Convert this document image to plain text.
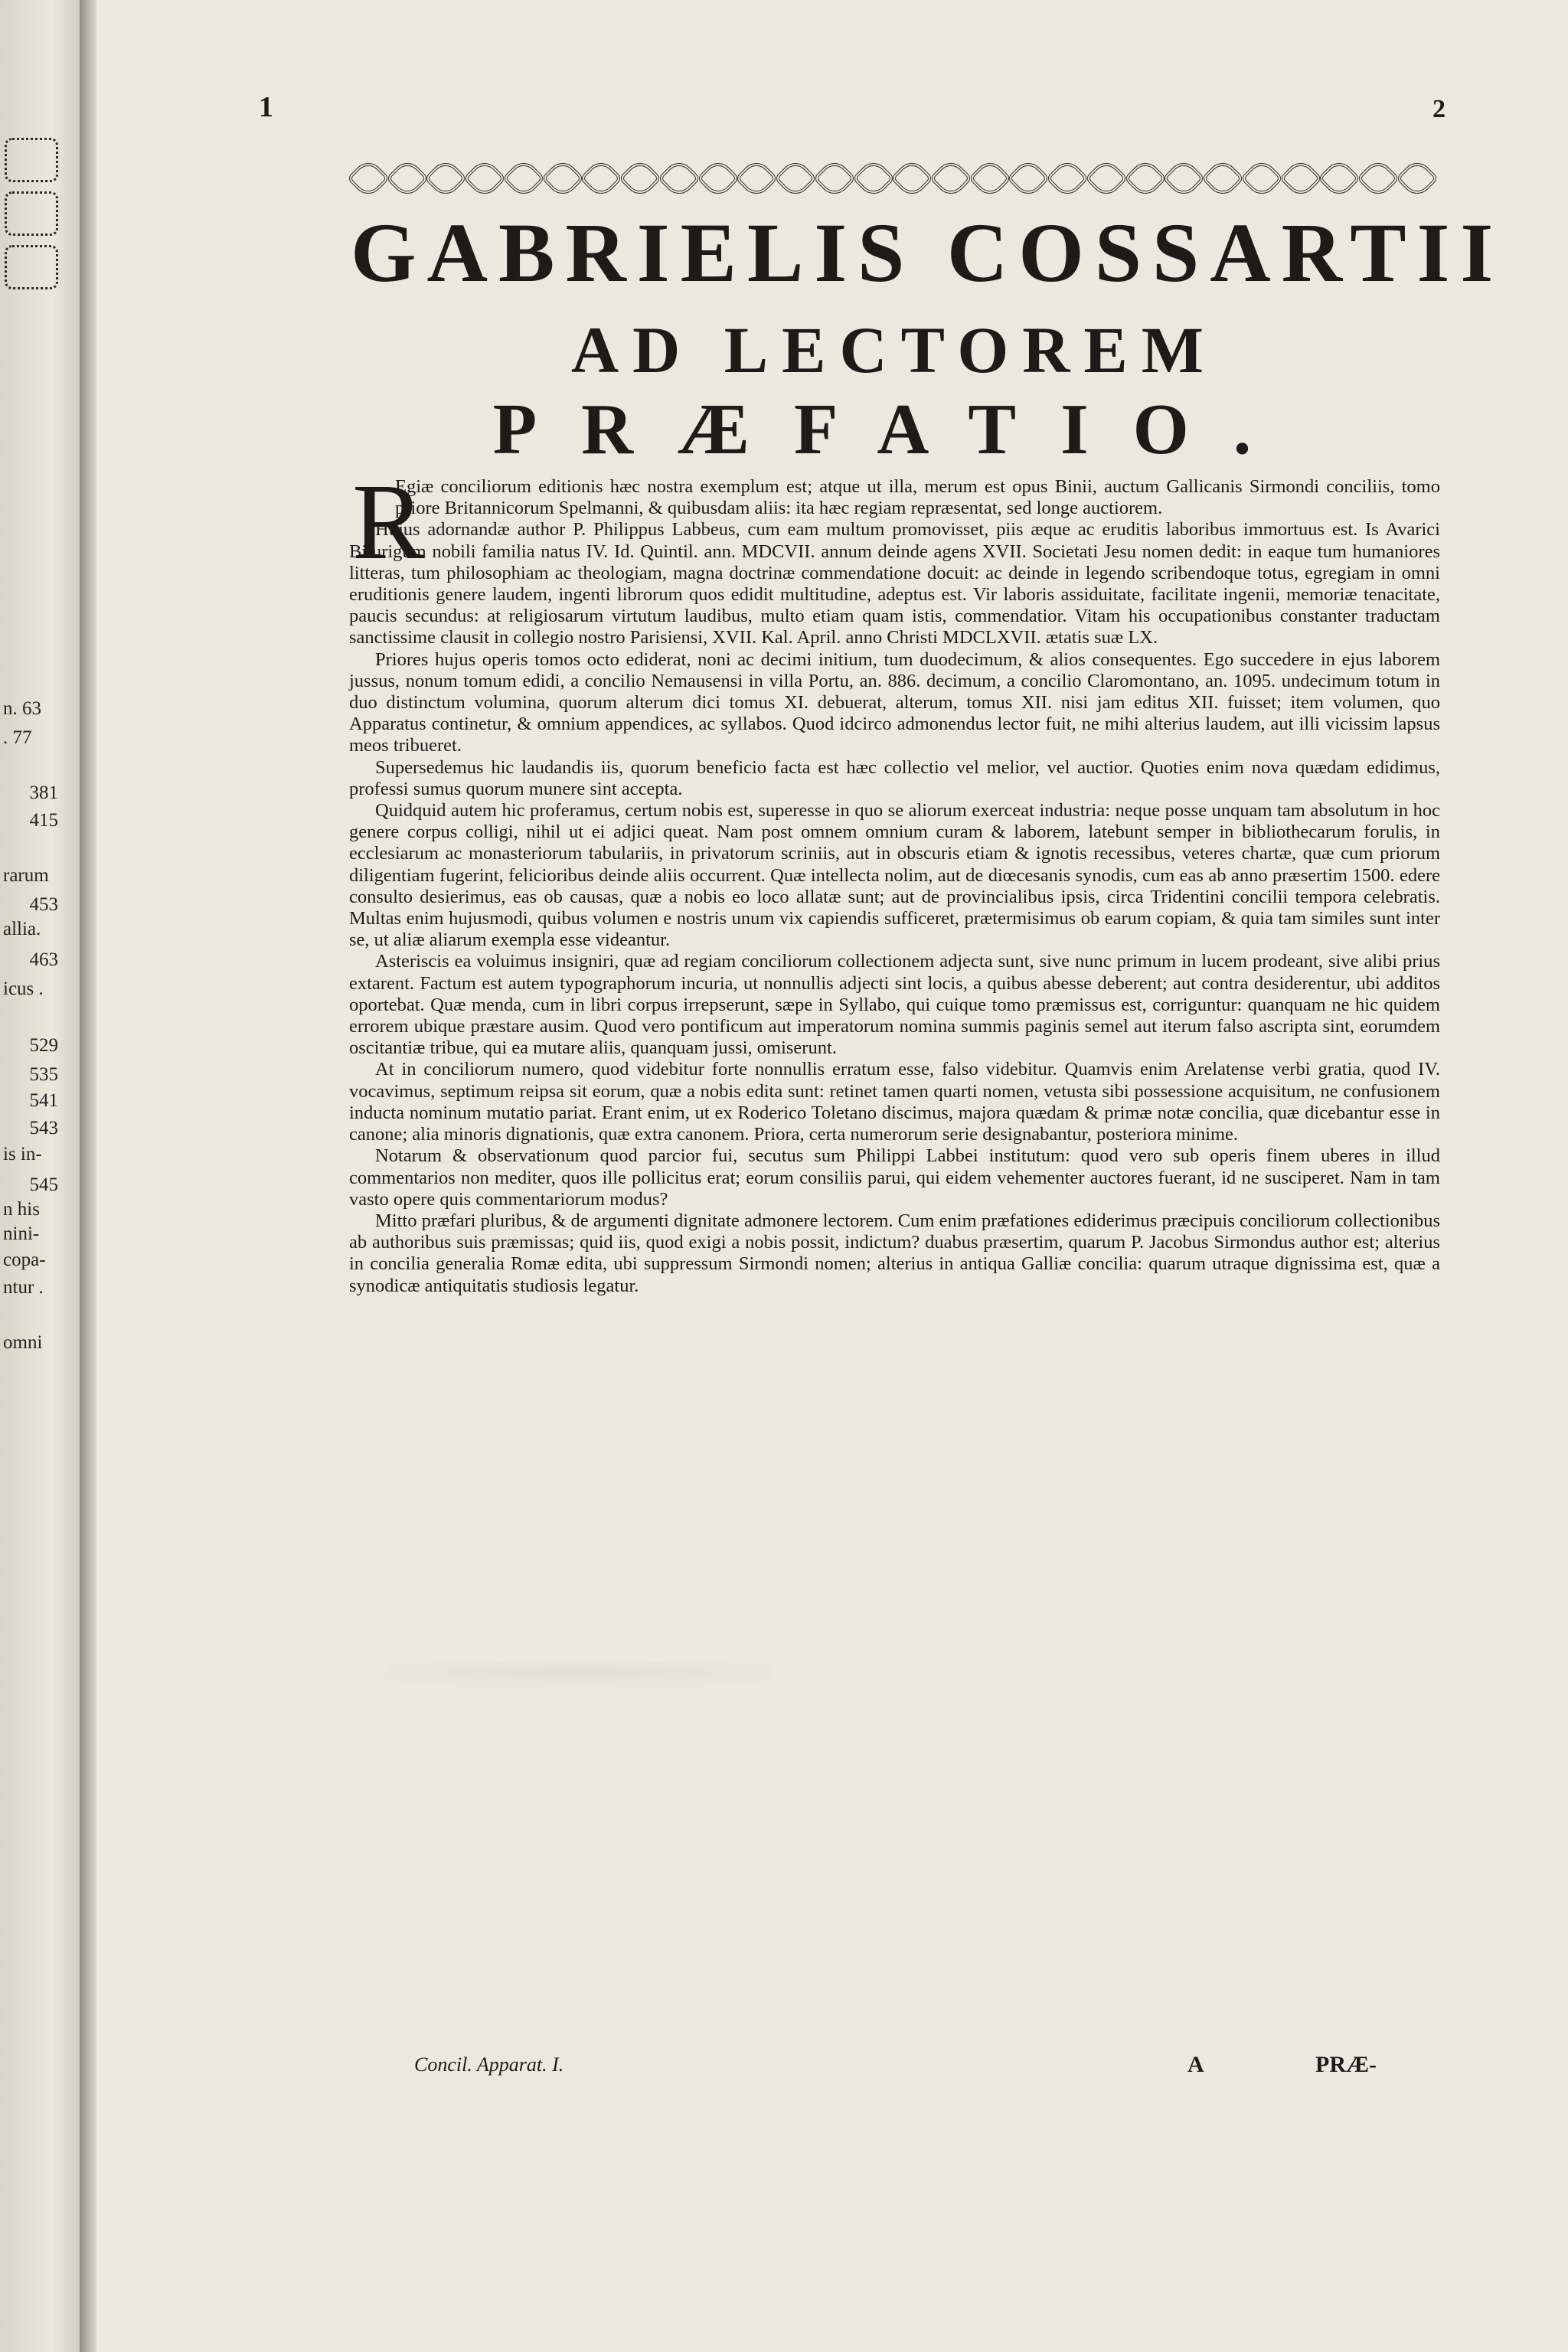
n. 63
. 77
381
415
rarum
453
allia.
463
icus .
529
535
541
543
is in-
545
n his
nini-
copa-
ntur .
omni
1	2
GABRIELIS COSSARTII
AD LECTOREM
PRÆFATIO.
R

Egiæ conciliorum editionis hæc nostra exemplum est; atque ut illa, merum est opus Binii, auctum Gallicanis Sirmondi conciliis, tomo priore Britannicorum Spelmanni, & quibusdam aliis: ita hæc regiam repræsentat, sed longe auctiorem.

Hujus adornandæ author P. Philippus Labbeus, cum eam multum promovisset, piis æque ac eruditis laboribus immortuus est. Is Avarici Biturigum nobili familia natus IV. Id. Quintil. ann. MDCVII. annum deinde agens XVII. Societati Jesu nomen dedit: in eaque tum humaniores litteras, tum philosophiam ac theologiam, magna doctrinæ commendatione docuit: ac deinde in legendo scribendoque totus, egregiam in omni eruditionis genere laudem, ingenti librorum quos edidit multitudine, adeptus est. Vir laboris assiduitate, facilitate ingenii, memoriæ tenacitate, paucis secundus: at religiosarum virtutum laudibus, multo etiam quam istis, commendatior. Vitam his occupationibus constanter traductam sanctissime clausit in collegio nostro Parisiensi, XVII. Kal. April. anno Christi MDCLXVII. ætatis suæ LX.

Priores hujus operis tomos octo ediderat, noni ac decimi initium, tum duodecimum, & alios consequentes. Ego succedere in ejus laborem jussus, nonum tomum edidi, a concilio Nemausensi in villa Portu, an. 886. decimum, a concilio Claromontano, an. 1095. undecimum totum in duo distinctum volumina, quorum alterum dici tomus XI. debuerat, alterum, tomus XII. nisi jam editus XII. fuisset; item volumen, quo Apparatus continetur, & omnium appendices, ac syllabos. Quod idcirco admonendus lector fuit, ne mihi alterius laudem, aut illi vicissim lapsus meos tribueret.

Supersedemus hic laudandis iis, quorum beneficio facta est hæc collectio vel melior, vel auctior. Quoties enim nova quædam edidimus, professi sumus quorum munere sint accepta.

Quidquid autem hic proferamus, certum nobis est, superesse in quo se aliorum exerceat industria: neque posse unquam tam absolutum in hoc genere corpus colligi, nihil ut ei adjici queat. Nam post omnem omnium curam & laborem, latebunt semper in bibliothecarum forulis, in ecclesiarum ac monasteriorum tabulariis, in privatorum scriniis, aut in obscuris etiam & ignotis recessibus, veteres chartæ, quæ cum priorum diligentiam fugerint, felicioribus deinde aliis occurrent. Quæ intellecta nolim, aut de diœcesanis synodis, cum eas ab anno præsertim 1500. edere consulto desierimus, eas ob causas, quæ a nobis eo loco allatæ sunt; aut de provincialibus ipsis, circa Tridentini concilii tempora celebratis. Multas enim hujusmodi, quibus volumen e nostris unum vix capiendis sufficeret, prætermisimus ob earum copiam, & quia tam similes sunt inter se, ut aliæ aliarum exempla esse videantur.

Asteriscis ea voluimus insigniri, quæ ad regiam conciliorum collectionem adjecta sunt, sive nunc primum in lucem prodeant, sive alibi prius extarent. Factum est autem typographorum incuria, ut nonnullis adjecti sint locis, a quibus abesse deberent; aut contra desiderentur, ubi additos oportebat. Quæ menda, cum in libri corpus irrepserunt, sæpe in Syllabo, qui cuique tomo præmissus est, corriguntur: quanquam ne hic quidem errorem ubique præstare ausim. Quod vero pontificum aut imperatorum nomina summis paginis semel aut iterum falso ascripta sint, eorumdem oscitantiæ tribue, qui ea mutare aliis, quanquam jussi, omiserunt.

At in conciliorum numero, quod videbitur forte nonnullis erratum esse, falso videbitur. Quamvis enim Arelatense verbi gratia, quod IV. vocavimus, septimum reipsa sit eorum, quæ a nobis edita sunt: retinet tamen quarti nomen, vetusta sibi possessione acquisitum, ne confusionem inducta nominum mutatio pariat. Erant enim, ut ex Roderico Toletano discimus, majora quædam & primæ notæ concilia, quæ dicebantur esse in canone; alia minoris dignationis, quæ extra canonem. Priora, certa numerorum serie designabantur, posteriora minime.

Notarum & observationum quod parcior fui, secutus sum Philippi Labbei institutum: quod vero sub operis finem uberes in illud commentarios non mediter, quos ille pollicitus erat; eorum consiliis parui, qui eidem vehementer auctores fuerant, id ne susciperet. Nam in tam vasto opere quis commentariorum modus?

Mitto præfari pluribus, & de argumenti dignitate admonere lectorem. Cum enim præfationes ediderimus præcipuis conciliorum collectionibus ab authoribus suis præmissas; quid iis, quod exigi a nobis possit, indictum? duabus præsertim, quarum P. Jacobus Sirmondus author est; alterius in concilia generalia Romæ edita, ubi suppressum Sirmondi nomen; alterius in antiqua Galliæ concilia: quarum utraque dignissima est, quæ a synodicæ antiquitatis studiosis legatur.

Concil. Apparat. I.	A	PRÆ-
